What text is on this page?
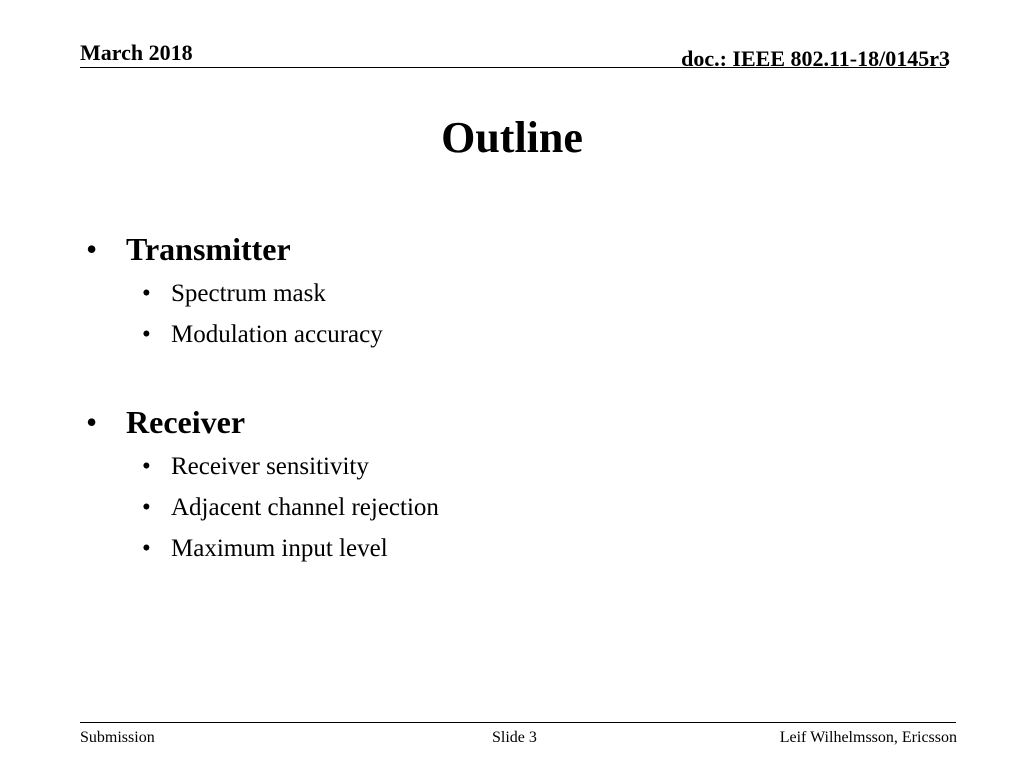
March 2018	doc.: IEEE 802.11-18/0145r3
Outline
• Transmitter
• Spectrum mask
• Modulation accuracy
• Receiver
• Receiver sensitivity
• Adjacent channel rejection
• Maximum input level
Submission	Slide 3	Leif Wilhelmsson, Ericsson
